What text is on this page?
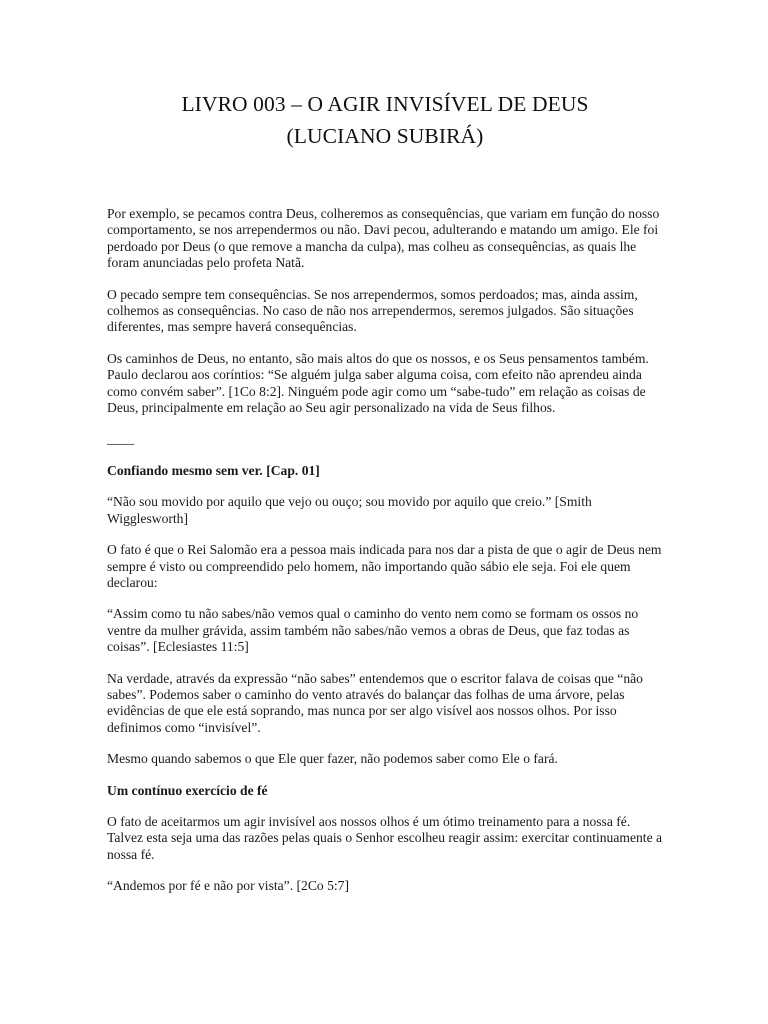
LIVRO 003 – O AGIR INVISÍVEL DE DEUS
(LUCIANO SUBIRÁ)

Por exemplo, se pecamos contra Deus, colheremos as consequências, que variam em função do nosso comportamento, se nos arrependermos ou não. Davi pecou, adulterando e matando um amigo. Ele foi perdoado por Deus (o que remove a mancha da culpa), mas colheu as consequências, as quais lhe foram anunciadas pelo profeta Natã.

O pecado sempre tem consequências. Se nos arrependermos, somos perdoados; mas, ainda assim, colhemos as consequências. No caso de não nos arrependermos, seremos julgados. São situações diferentes, mas sempre haverá consequências.

Os caminhos de Deus, no entanto, são mais altos do que os nossos, e os Seus pensamentos também. Paulo declarou aos coríntios: “Se alguém julga saber alguma coisa, com efeito não aprendeu ainda como convém saber”. [1Co 8:2]. Ninguém pode agir como um “sabe-tudo” em relação as coisas de Deus, principalmente em relação ao Seu agir personalizado na vida de Seus filhos.

____

Confiando mesmo sem ver. [Cap. 01]

“Não sou movido por aquilo que vejo ou ouço; sou movido por aquilo que creio.” [Smith Wigglesworth]

O fato é que o Rei Salomão era a pessoa mais indicada para nos dar a pista de que o agir de Deus nem sempre é visto ou compreendido pelo homem, não importando quão sábio ele seja. Foi ele quem declarou:

“Assim como tu não sabes/não vemos qual o caminho do vento nem como se formam os ossos no ventre da mulher grávida, assim também não sabes/não vemos a obras de Deus, que faz todas as coisas”. [Eclesiastes 11:5]

Na verdade, através da expressão “não sabes” entendemos que o escritor falava de coisas que “não sabes”. Podemos saber o caminho do vento através do balançar das folhas de uma árvore, pelas evidências de que ele está soprando, mas nunca por ser algo visível aos nossos olhos. Por isso definimos como “invisível”.

Mesmo quando sabemos o que Ele quer fazer, não podemos saber como Ele o fará.

Um contínuo exercício de fé

O fato de aceitarmos um agir invisível aos nossos olhos é um ótimo treinamento para a nossa fé. Talvez esta seja uma das razões pelas quais o Senhor escolheu reagir assim: exercitar continuamente a nossa fé.

“Andemos por fé e não por vista”. [2Co 5:7]
